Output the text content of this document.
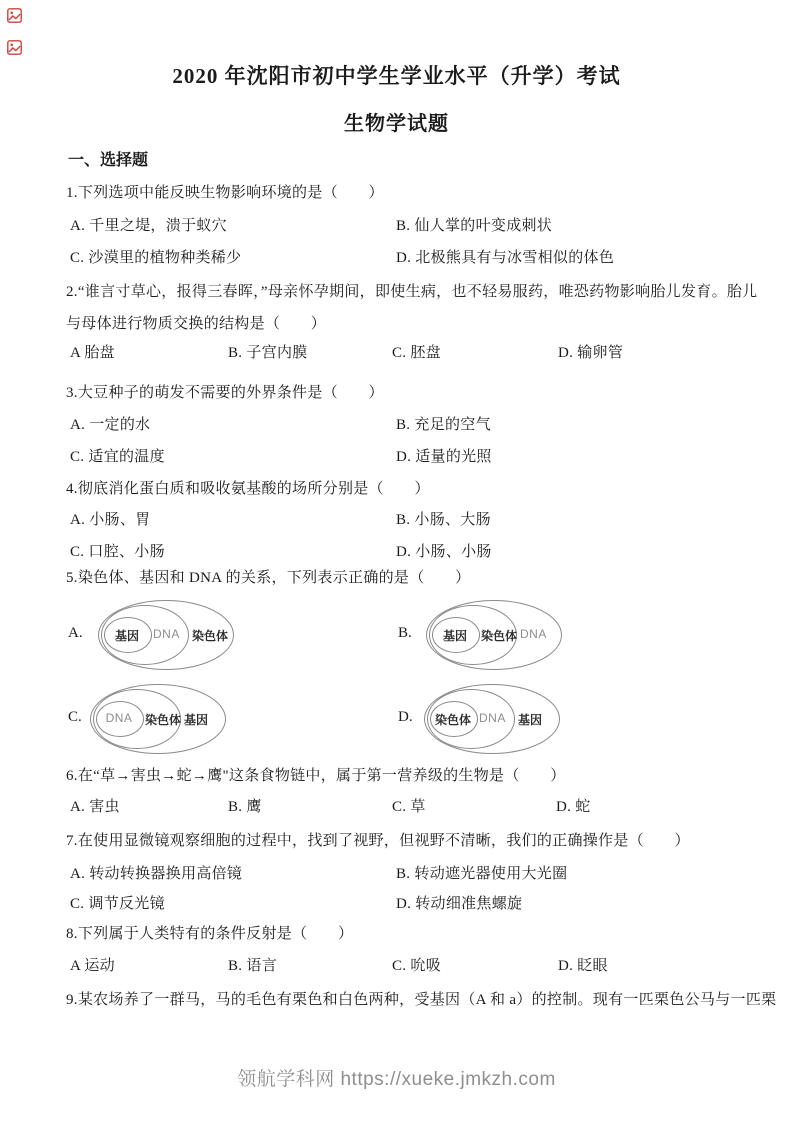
2020 年沈阳市初中学生学业水平（升学）考试
生物学试题
一、选择题
1.下列选项中能反映生物影响环境的是（　　）
A. 千里之堤，溃于蚁穴	B. 仙人掌的叶变成刺状
C. 沙漠里的植物种类稀少	D. 北极熊具有与冰雪相似的体色
2.“谁言寸草心，报得三春晖，”母亲怀孕期间，即使生病，也不轻易服药，唯恐药物影响胎儿发育。胎儿
与母体进行物质交换的结构是（　　）
A 胎盘	B. 子宫内膜	C. 胚盘	D. 输卵管
3.大豆种子的萌发不需要的外界条件是（　　）
A. 一定的水	B. 充足的空气
C. 适宜的温度	D. 适量的光照
4.彻底消化蛋白质和吸收氨基酸的场所分别是（　　）
A. 小肠、胃	B. 小肠、大肠
C. 口腔、小肠	D. 小肠、小肠
5.染色体、基因和 DNA 的关系，下列表示正确的是（　　）
A.	基因	DNA 染色体	B.	基因	染色体 DNA
C.	DNA	染色体 基因	D. 染色体 DNA 基因
6.在“草→害虫→蛇→鹰"这条食物链中，属于第一营养级的生物是（　　）
A. 害虫	B. 鹰	C. 草	D. 蛇
7.在使用显微镜观察细胞的过程中，找到了视野，但视野不清晰，我们的正确操作是（　　）
A. 转动转换器换用高倍镜	B. 转动遮光器使用大光圈
C. 调节反光镜	D. 转动细准焦螺旋
8.下列属于人类特有的条件反射是（　　）
A 运动	B. 语言	C. 吮吸	D. 眨眼
9.某农场养了一群马，马的毛色有栗色和白色两种，受基因（A 和 a）的控制。现有一匹栗色公马与一匹栗
领航学科网 https://xueke.jmkzh.com
